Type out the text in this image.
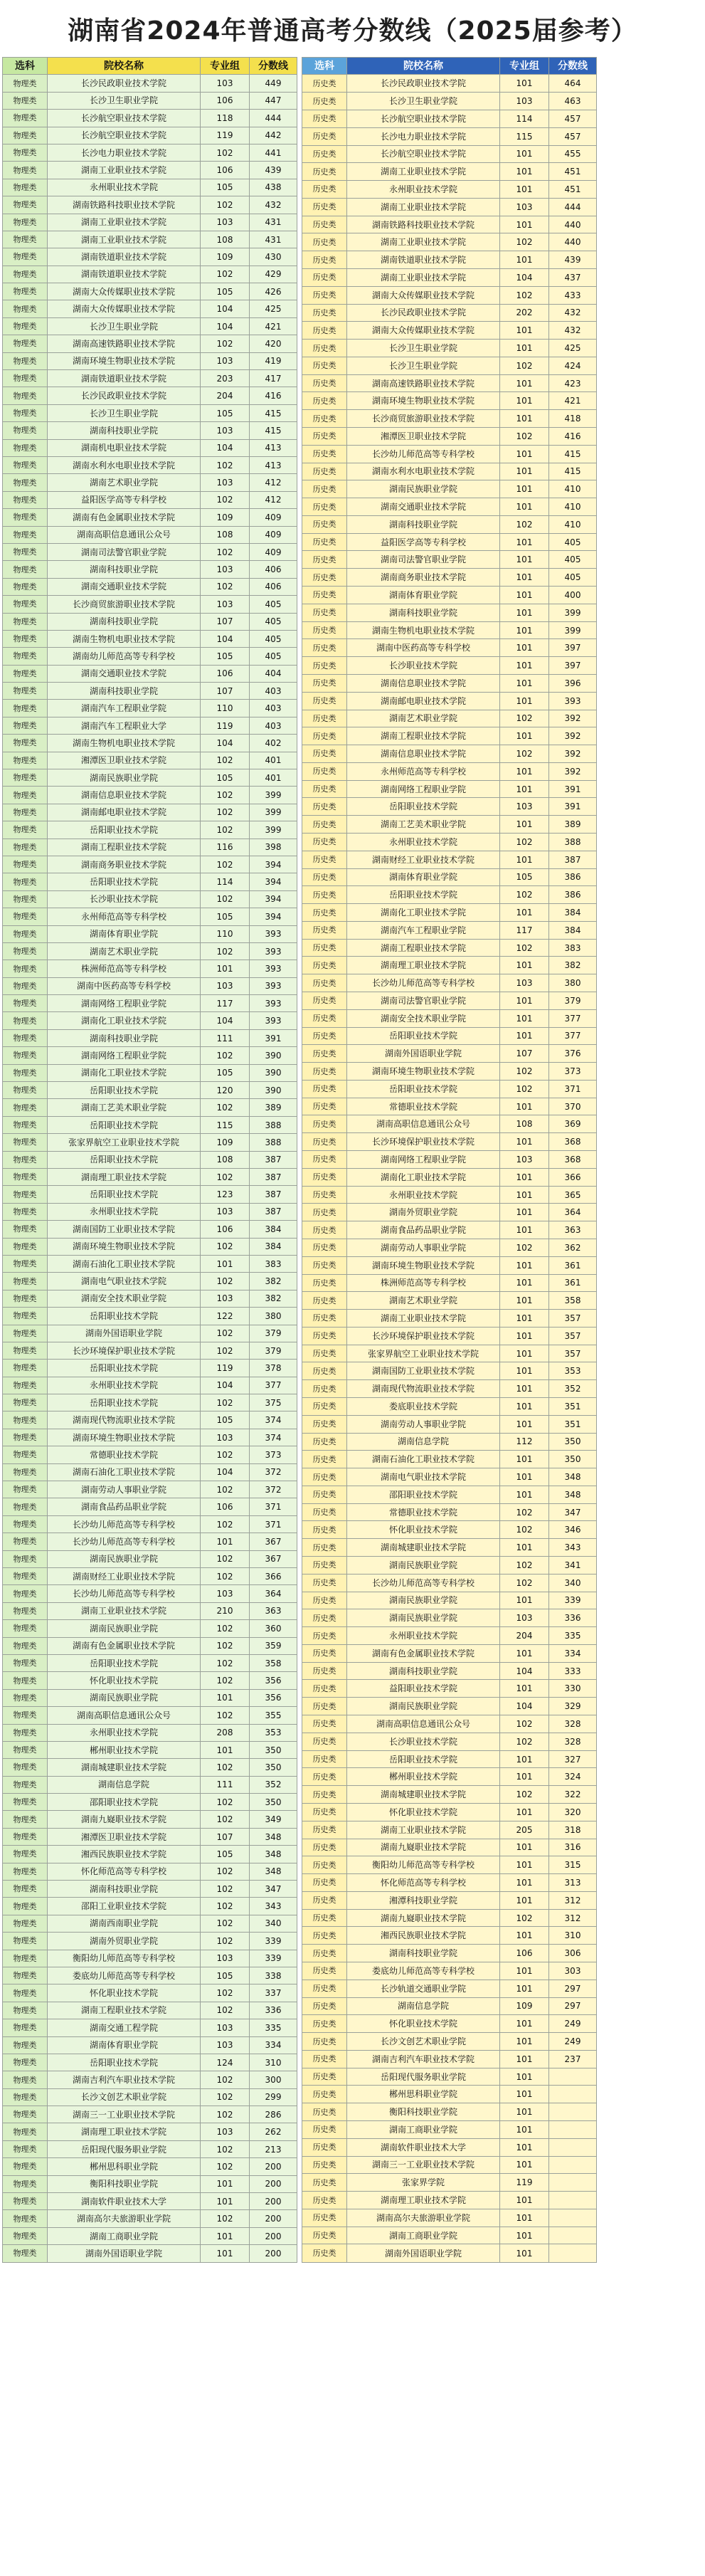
湖南省2024年普通高考分数线（2025届参考）
选科	院校名称	专业组	分数线
物理类	长沙民政职业技术学院	103	449
物理类	长沙卫生职业学院	106	447
物理类	长沙航空职业技术学院	118	444
物理类	长沙航空职业技术学院	119	442
物理类	长沙电力职业技术学院	102	441
物理类	湖南工业职业技术学院	106	439
物理类	永州职业技术学院	105	438
物理类	湖南铁路科技职业技术学院	102	432
物理类	湖南工业职业技术学院	103	431
物理类	湖南工业职业技术学院	108	431
物理类	湖南铁道职业技术学院	109	430
物理类	湖南铁道职业技术学院	102	429
物理类	湖南大众传媒职业技术学院	105	426
物理类	湖南大众传媒职业技术学院	104	425
物理类	长沙卫生职业学院	104	421
物理类	湖南高速铁路职业技术学院	102	420
物理类	湖南环境生物职业技术学院	103	419
物理类	湖南铁道职业技术学院	203	417
物理类	长沙民政职业技术学院	204	416
物理类	长沙卫生职业学院	105	415
物理类	湖南科技职业学院	103	415
物理类	湖南机电职业技术学院	104	413
物理类	湖南水利水电职业技术学院	102	413
物理类	湖南艺术职业学院	103	412
物理类	益阳医学高等专科学校	102	412
物理类	湖南有色金属职业技术学院	109	409
物理类	湖南高职信息通讯公众号	108	409
物理类	湖南司法警官职业学院	102	409
物理类	湖南科技职业学院	103	406
物理类	湖南交通职业技术学院	102	406
物理类	长沙商贸旅游职业技术学院	103	405
物理类	湖南科技职业学院	107	405
物理类	湖南生物机电职业技术学院	104	405
物理类	湖南幼儿师范高等专科学校	105	405
物理类	湖南交通职业技术学院	106	404
物理类	湖南科技职业学院	107	403
物理类	湖南汽车工程职业学院	110	403
物理类	湖南汽车工程职业大学	119	403
物理类	湖南生物机电职业技术学院	104	402
物理类	湘潭医卫职业技术学院	102	401
物理类	湖南民族职业学院	105	401
物理类	湖南信息职业技术学院	102	399
物理类	湖南邮电职业技术学院	102	399
物理类	岳阳职业技术学院	102	399
物理类	湖南工程职业技术学院	116	398
物理类	湖南商务职业技术学院	102	394
物理类	岳阳职业技术学院	114	394
物理类	长沙职业技术学院	102	394
物理类	永州师范高等专科学校	105	394
物理类	湖南体育职业学院	110	393
物理类	湖南艺术职业学院	102	393
物理类	株洲师范高等专科学校	101	393
物理类	湖南中医药高等专科学校	103	393
物理类	湖南网络工程职业学院	117	393
物理类	湖南化工职业技术学院	104	393
物理类	湖南科技职业学院	111	391
物理类	湖南网络工程职业学院	102	390
物理类	湖南化工职业技术学院	105	390
物理类	岳阳职业技术学院	120	390
物理类	湖南工艺美术职业学院	102	389
物理类	岳阳职业技术学院	115	388
物理类	张家界航空工业职业技术学院	109	388
物理类	岳阳职业技术学院	108	387
物理类	湖南理工职业技术学院	102	387
物理类	岳阳职业技术学院	123	387
物理类	永州职业技术学院	103	387
物理类	湖南国防工业职业技术学院	106	384
物理类	湖南环境生物职业技术学院	102	384
物理类	湖南石油化工职业技术学院	101	383
物理类	湖南电气职业技术学院	102	382
物理类	湖南安全技术职业学院	103	382
物理类	岳阳职业技术学院	122	380
物理类	湖南外国语职业学院	102	379
物理类	长沙环境保护职业技术学院	102	379
物理类	岳阳职业技术学院	119	378
物理类	永州职业技术学院	104	377
物理类	岳阳职业技术学院	102	375
物理类	湖南现代物流职业技术学院	105	374
物理类	湖南环境生物职业技术学院	103	374
物理类	常德职业技术学院	102	373
物理类	湖南石油化工职业技术学院	104	372
物理类	湖南劳动人事职业学院	102	372
物理类	湖南食品药品职业学院	106	371
物理类	长沙幼儿师范高等专科学校	102	371
物理类	长沙幼儿师范高等专科学校	101	367
物理类	湖南民族职业学院	102	367
物理类	湖南财经工业职业技术学院	102	366
物理类	长沙幼儿师范高等专科学校	103	364
物理类	湖南工业职业技术学院	210	363
物理类	湖南民族职业学院	102	360
物理类	湖南有色金属职业技术学院	102	359
物理类	岳阳职业技术学院	102	358
物理类	怀化职业技术学院	102	356
物理类	湖南民族职业学院	101	356
物理类	湖南高职信息通讯公众号	102	355
物理类	永州职业技术学院	208	353
物理类	郴州职业技术学院	101	350
物理类	湖南城建职业技术学院	102	350
物理类	湖南信息学院	111	352
物理类	邵阳职业技术学院	102	350
物理类	湖南九嶷职业技术学院	102	349
物理类	湘潭医卫职业技术学院	107	348
物理类	湘西民族职业技术学院	105	348
物理类	怀化师范高等专科学校	102	348
物理类	湖南科技职业学院	102	347
物理类	邵阳工业职业技术学院	102	343
物理类	湖南西南职业学院	102	340
物理类	湖南外贸职业学院	102	339
物理类	衡阳幼儿师范高等专科学校	103	339
物理类	娄底幼儿师范高等专科学校	105	338
物理类	怀化职业技术学院	102	337
物理类	湖南工程职业技术学院	102	336
物理类	湖南交通工程学院	103	335
物理类	湖南体育职业学院	103	334
物理类	岳阳职业技术学院	124	310
物理类	湖南吉利汽车职业技术学院	102	300
物理类	长沙文创艺术职业学院	102	299
物理类	湖南三一工业职业技术学院	102	286
物理类	湖南理工职业技术学院	103	262
物理类	岳阳现代服务职业学院	102	213
物理类	郴州思科职业学院	102	200
物理类	衡阳科技职业学院	101	200
物理类	湖南软件职业技术大学	101	200
物理类	湖南高尔夫旅游职业学院	102	200
物理类	湖南工商职业学院	101	200
物理类	湖南外国语职业学院	101	200
选科	院校名称	专业组	分数线
历史类	长沙民政职业技术学院	101	464
历史类	长沙卫生职业学院	103	463
历史类	长沙航空职业技术学院	114	457
历史类	长沙电力职业技术学院	115	457
历史类	长沙航空职业技术学院	101	455
历史类	湖南工业职业技术学院	101	451
历史类	永州职业技术学院	101	451
历史类	湖南工业职业技术学院	103	444
历史类	湖南铁路科技职业技术学院	101	440
历史类	湖南工业职业技术学院	102	440
历史类	湖南铁道职业技术学院	101	439
历史类	湖南工业职业技术学院	104	437
历史类	湖南大众传媒职业技术学院	102	433
历史类	长沙民政职业技术学院	202	432
历史类	湖南大众传媒职业技术学院	101	432
历史类	长沙卫生职业学院	101	425
历史类	长沙卫生职业学院	102	424
历史类	湖南高速铁路职业技术学院	101	423
历史类	湖南环境生物职业技术学院	101	421
历史类	长沙商贸旅游职业技术学院	101	418
历史类	湘潭医卫职业技术学院	102	416
历史类	长沙幼儿师范高等专科学校	101	415
历史类	湖南水利水电职业技术学院	101	415
历史类	湖南民族职业学院	101	410
历史类	湖南交通职业技术学院	101	410
历史类	湖南科技职业学院	102	410
历史类	益阳医学高等专科学校	101	405
历史类	湖南司法警官职业学院	101	405
历史类	湖南商务职业技术学院	101	405
历史类	湖南体育职业学院	101	400
历史类	湖南科技职业学院	101	399
历史类	湖南生物机电职业技术学院	101	399
历史类	湖南中医药高等专科学校	101	397
历史类	长沙职业技术学院	101	397
历史类	湖南信息职业技术学院	101	396
历史类	湖南邮电职业技术学院	101	393
历史类	湖南艺术职业学院	102	392
历史类	湖南工程职业技术学院	101	392
历史类	湖南信息职业技术学院	102	392
历史类	永州师范高等专科学校	101	392
历史类	湖南网络工程职业学院	101	391
历史类	岳阳职业技术学院	103	391
历史类	湖南工艺美术职业学院	101	389
历史类	永州职业技术学院	102	388
历史类	湖南财经工业职业技术学院	101	387
历史类	湖南体育职业学院	105	386
历史类	岳阳职业技术学院	102	386
历史类	湖南化工职业技术学院	101	384
历史类	湖南汽车工程职业学院	117	384
历史类	湖南工程职业技术学院	102	383
历史类	湖南理工职业技术学院	101	382
历史类	长沙幼儿师范高等专科学校	103	380
历史类	湖南司法警官职业学院	101	379
历史类	湖南安全技术职业学院	101	377
历史类	岳阳职业技术学院	101	377
历史类	湖南外国语职业学院	107	376
历史类	湖南环境生物职业技术学院	102	373
历史类	岳阳职业技术学院	102	371
历史类	常德职业技术学院	101	370
历史类	湖南高职信息通讯公众号	108	369
历史类	长沙环境保护职业技术学院	101	368
历史类	湖南网络工程职业学院	103	368
历史类	湖南化工职业技术学院	101	366
历史类	永州职业技术学院	101	365
历史类	湖南外贸职业学院	101	364
历史类	湖南食品药品职业学院	101	363
历史类	湖南劳动人事职业学院	102	362
历史类	湖南环境生物职业技术学院	101	361
历史类	株洲师范高等专科学校	101	361
历史类	湖南艺术职业学院	101	358
历史类	湖南工业职业技术学院	101	357
历史类	长沙环境保护职业技术学院	101	357
历史类	张家界航空工业职业技术学院	101	357
历史类	湖南国防工业职业技术学院	101	353
历史类	湖南现代物流职业技术学院	101	352
历史类	娄底职业技术学院	101	351
历史类	湖南劳动人事职业学院	101	351
历史类	湖南信息学院	112	350
历史类	湖南石油化工职业技术学院	101	350
历史类	湖南电气职业技术学院	101	348
历史类	邵阳职业技术学院	101	348
历史类	常德职业技术学院	102	347
历史类	怀化职业技术学院	102	346
历史类	湖南城建职业技术学院	101	343
历史类	湖南民族职业学院	102	341
历史类	长沙幼儿师范高等专科学校	102	340
历史类	湖南民族职业学院	101	339
历史类	湖南民族职业学院	103	336
历史类	永州职业技术学院	204	335
历史类	湖南有色金属职业技术学院	101	334
历史类	湖南科技职业学院	104	333
历史类	益阳职业技术学院	101	330
历史类	湖南民族职业学院	104	329
历史类	湖南高职信息通讯公众号	102	328
历史类	长沙职业技术学院	102	328
历史类	岳阳职业技术学院	101	327
历史类	郴州职业技术学院	101	324
历史类	湖南城建职业技术学院	102	322
历史类	怀化职业技术学院	101	320
历史类	湖南工业职业技术学院	205	318
历史类	湖南九嶷职业技术学院	101	316
历史类	衡阳幼儿师范高等专科学校	101	315
历史类	怀化师范高等专科学校	101	313
历史类	湘潭科技职业学院	101	312
历史类	湖南九嶷职业技术学院	102	312
历史类	湘西民族职业技术学院	101	310
历史类	湖南科技职业学院	106	306
历史类	娄底幼儿师范高等专科学校	101	303
历史类	长沙轨道交通职业学院	101	297
历史类	湖南信息学院	109	297
历史类	怀化职业技术学院	101	249
历史类	长沙文创艺术职业学院	101	249
历史类	湖南吉利汽车职业技术学院	101	237
历史类	岳阳现代服务职业学院	101	
历史类	郴州思科职业学院	101	
历史类	衡阳科技职业学院	101	
历史类	湖南工商职业学院	101	
历史类	湖南软件职业技术大学	101	
历史类	湖南三一工业职业技术学院	101	
历史类	张家界学院	119	
历史类	湖南理工职业技术学院	101	
历史类	湖南高尔夫旅游职业学院	101	
历史类	湖南工商职业学院	101	
历史类	湖南外国语职业学院	101	
